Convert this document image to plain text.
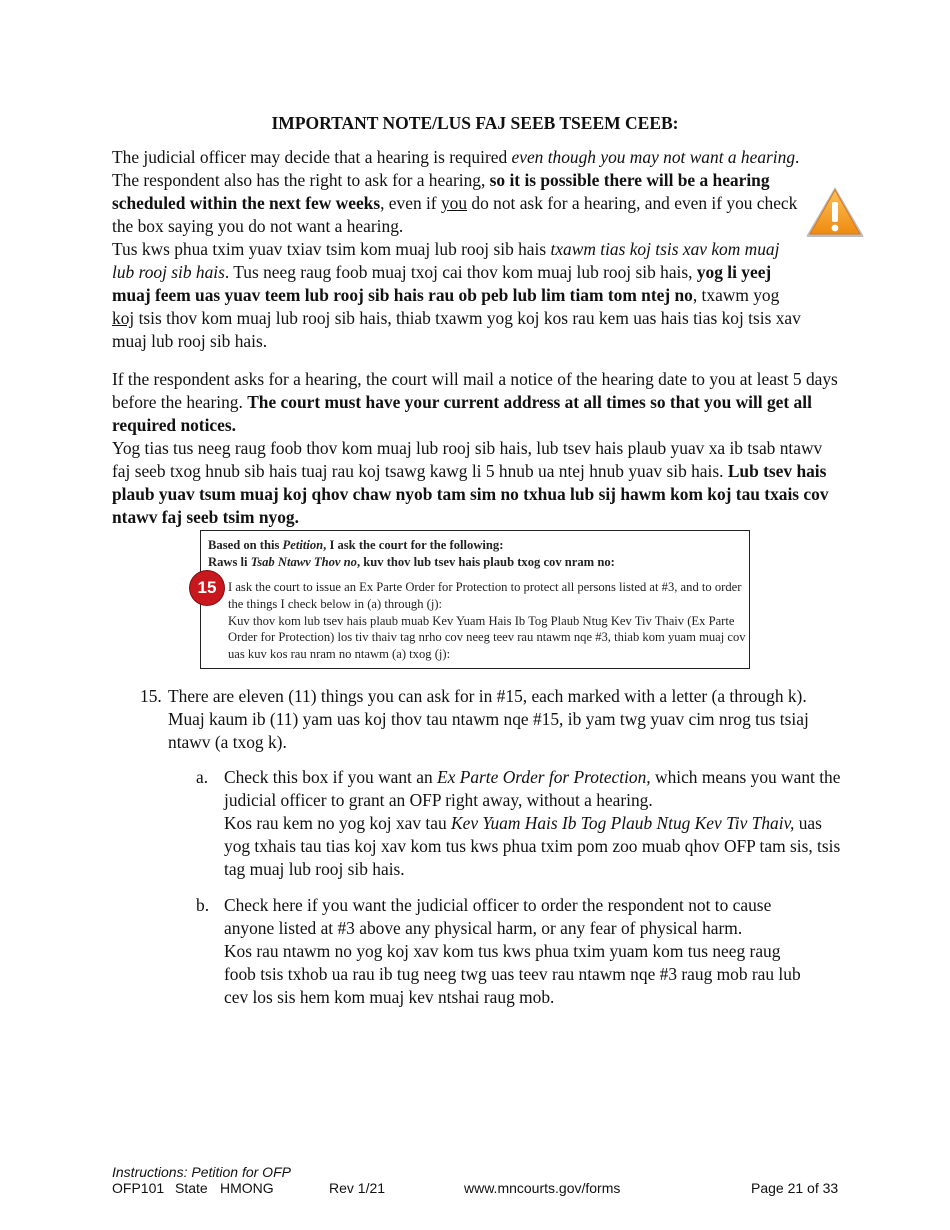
IMPORTANT NOTE/LUS FAJ SEEB TSEEM CEEB:

The judicial officer may decide that a hearing is required even though you may not want a hearing. The respondent also has the right to ask for a hearing, so it is possible there will be a hearing scheduled within the next few weeks, even if you do not ask for a hearing, and even if you check the box saying you do not want a hearing.

Tus kws phua txim yuav txiav tsim kom muaj lub rooj sib hais txawm tias koj tsis xav kom muaj lub rooj sib hais. Tus neeg raug foob muaj txoj cai thov kom muaj lub rooj sib hais, yog li yeej muaj feem uas yuav teem lub rooj sib hais rau ob peb lub lim tiam tom ntej no, txawm yog koj tsis thov kom muaj lub rooj sib hais, thiab txawm yog koj kos rau kem uas hais tias koj tsis xav muaj lub rooj sib hais.

If the respondent asks for a hearing, the court will mail a notice of the hearing date to you at least 5 days before the hearing. The court must have your current address at all times so that you will get all required notices.

Yog tias tus neeg raug foob thov kom muaj lub rooj sib hais, lub tsev hais plaub yuav xa ib tsab ntawv faj seeb txog hnub sib hais tuaj rau koj tsawg kawg li 5 hnub ua ntej hnub yuav sib hais. Lub tsev hais plaub yuav tsum muaj koj qhov chaw nyob tam sim no txhua lub sij hawm kom koj tau txais cov ntawv faj seeb tsim nyog.

Based on this Petition, I ask the court for the following:
Raws li Tsab Ntawv Thov no, kuv thov lub tsev hais plaub txog cov nram no:
I ask the court to issue an Ex Parte Order for Protection to protect all persons listed at #3, and to order the things I check below in (a) through (j):
Kuv thov kom lub tsev hais plaub muab Kev Yuam Hais Ib Tog Plaub Ntug Kev Tiv Thaiv (Ex Parte Order for Protection) los tiv thaiv tag nrho cov neeg teev rau ntawm nqe #3, thiab kom yuam muaj cov uas kuv kos rau nram no ntawm (a) txog (j):
15
15. There are eleven (11) things you can ask for in #15, each marked with a letter (a through k).

Muaj kaum ib (11) yam uas koj thov tau ntawm nqe #15, ib yam twg yuav cim nrog tus tsiaj ntawv (a txog k).

a. Check this box if you want an Ex Parte Order for Protection, which means you want the judicial officer to grant an OFP right away, without a hearing.

Kos rau kem no yog koj xav tau Kev Yuam Hais Ib Tog Plaub Ntug Kev Tiv Thaiv, uas yog txhais tau tias koj xav kom tus kws phua txim pom zoo muab qhov OFP tam sis, tsis tag muaj lub rooj sib hais.

b. Check here if you want the judicial officer to order the respondent not to cause anyone listed at #3 above any physical harm, or any fear of physical harm.

Kos rau ntawm no yog koj xav kom tus kws phua txim yuam kom tus neeg raug foob tsis txhob ua rau ib tug neeg twg uas teev rau ntawm nqe #3 raug mob rau lub cev los sis hem kom muaj kev ntshai raug mob.

Instructions: Petition for OFP
OFP101 State HMONG	Rev 1/21	www.mncourts.gov/forms	Page 21 of 33
